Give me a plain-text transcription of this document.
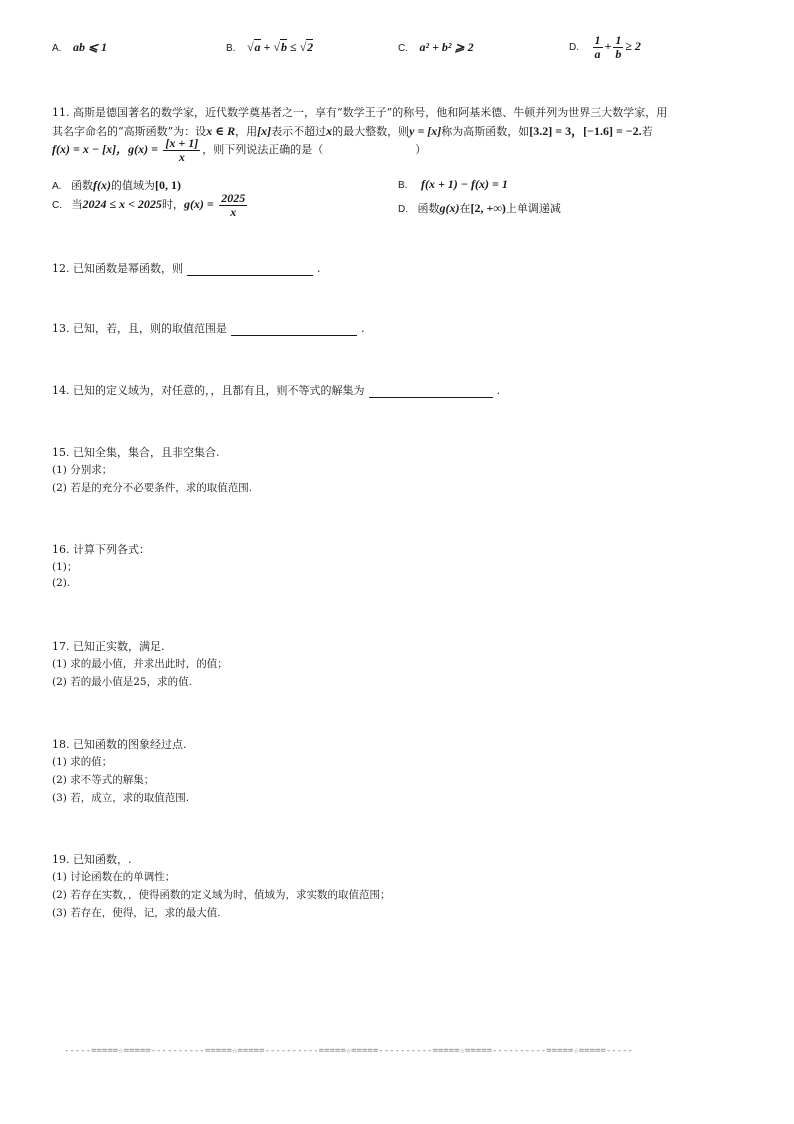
A. ab ⩽ 1	B. √a + √b ≤ √2	C. a² + b² ⩾ 2	D. $\frac{1}{a} + \frac{1}{b} \ge 2$
11. 高斯是德国著名的数学家，近代数学奠基者之一，享有“数学王子”的称号，他和阿基米德、牛顿并列为世界三大数学家，用
其名字命名的“高斯函数”为：设x ∈ R，用[x]表示不超过x的最大整数，则y = [x]称为高斯函数，如[3.2] = 3，[−1.6] = −2.若
f(x) = x − [x]，$g(x) = \frac{[x + 1]}{x}$ ，则下列说法正确的是（	）
A. 函数f(x)的值域为[0, 1)	B. f(x + 1) − f(x) = 1
C. 当2024 ≤ x < 2025时，$g(x) = \frac{2025}{x}$	D. 函数g(x)在[2, +∞)上单调递减
12. 已知函数是幂函数，则	.
13. 已知，若，且，则的取值范围是	.
14. 已知的定义域为，对任意的，，且都有且，则不等式的解集为	.
15. 已知全集，集合，且非空集合.
(1) 分别求；
(2) 若是的充分不必要条件，求的取值范围.
16. 计算下列各式：
(1)；
(2).
17. 已知正实数，满足.
(1) 求的最小值，并求出此时，的值；
(2) 若的最小值是25，求的值.
18. 已知函数的图象经过点.
(1) 求的值；
(2) 求不等式的解集；
(3) 若，成立，求的取值范围.
19. 已知函数，.
(1) 讨论函数在的单调性；
(2) 若存在实数，，使得函数的定义域为时，值域为，求实数的取值范围；
(3) 若存在，使得，记，求的最大值.
-----=====☆=====----------=====☆=====----------=====☆=====----------=====☆=====----------=====☆=====-----
